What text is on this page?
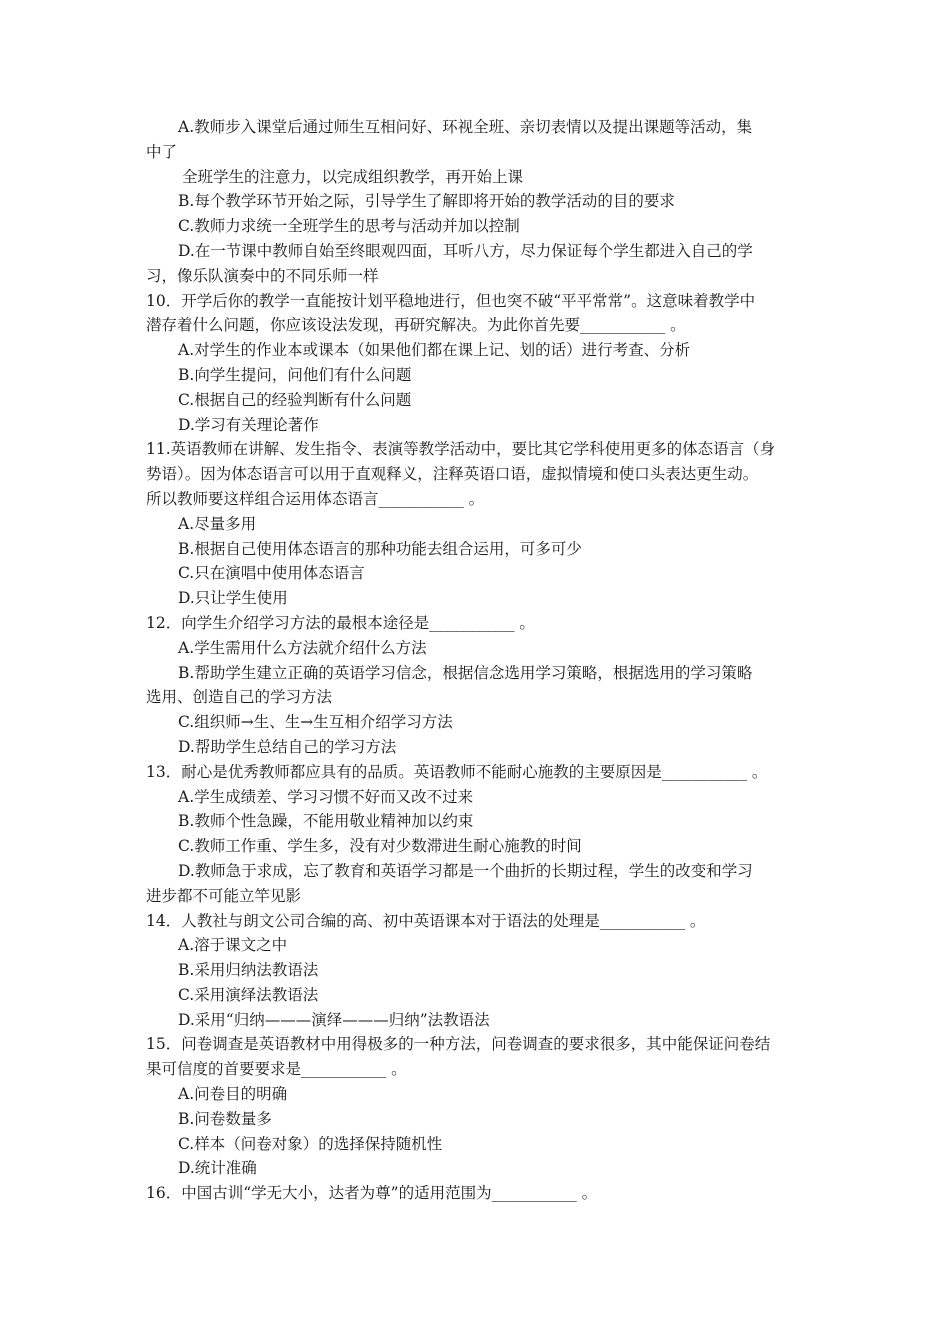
A.教师步入课堂后通过师生互相问好、环视全班、亲切表情以及提出课题等活动，集
中了
全班学生的注意力，以完成组织教学，再开始上课
B.每个教学环节开始之际，引导学生了解即将开始的教学活动的目的要求
C.教师力求统一全班学生的思考与活动并加以控制
D.在一节课中教师自始至终眼观四面，耳听八方，尽力保证每个学生都进入自己的学
习，像乐队演奏中的不同乐师一样
10．开学后你的教学一直能按计划平稳地进行，但也突不破“平平常常”。这意味着教学中
潜存着什么问题，你应该设法发现，再研究解决。为此你首先要___________ 。
A.对学生的作业本或课本（如果他们都在课上记、划的话）进行考查、分析
B.向学生提问，问他们有什么问题
C.根据自己的经验判断有什么问题
D.学习有关理论著作
11.英语教师在讲解、发生指令、表演等教学活动中，要比其它学科使用更多的体态语言（身
势语）。因为体态语言可以用于直观释义，注释英语口语，虚拟情境和使口头表达更生动。
所以教师要这样组合运用体态语言___________ 。
A.尽量多用
B.根据自己使用体态语言的那种功能去组合运用，可多可少
C.只在演唱中使用体态语言
D.只让学生使用
12．向学生介绍学习方法的最根本途径是___________ 。
A.学生需用什么方法就介绍什么方法
B.帮助学生建立正确的英语学习信念，根据信念选用学习策略，根据选用的学习策略
选用、创造自己的学习方法
C.组织师→生、生→生互相介绍学习方法
D.帮助学生总结自己的学习方法
13．耐心是优秀教师都应具有的品质。英语教师不能耐心施教的主要原因是___________ 。
A.学生成绩差、学习习惯不好而又改不过来
B.教师个性急躁，不能用敬业精神加以约束
C.教师工作重、学生多，没有对少数滞进生耐心施教的时间
D.教师急于求成，忘了教育和英语学习都是一个曲折的长期过程，学生的改变和学习
进步都不可能立竿见影
14．人教社与朗文公司合编的高、初中英语课本对于语法的处理是___________ 。
A.溶于课文之中
B.采用归纳法教语法
C.采用演绎法教语法
D.采用“归纳———演绎———归纳”法教语法
15．问卷调查是英语教材中用得极多的一种方法，问卷调查的要求很多，其中能保证问卷结
果可信度的首要要求是___________ 。
A.问卷目的明确
B.问卷数量多
C.样本（问卷对象）的选择保持随机性
D.统计准确
16．中国古训“学无大小，达者为尊”的适用范围为___________ 。
